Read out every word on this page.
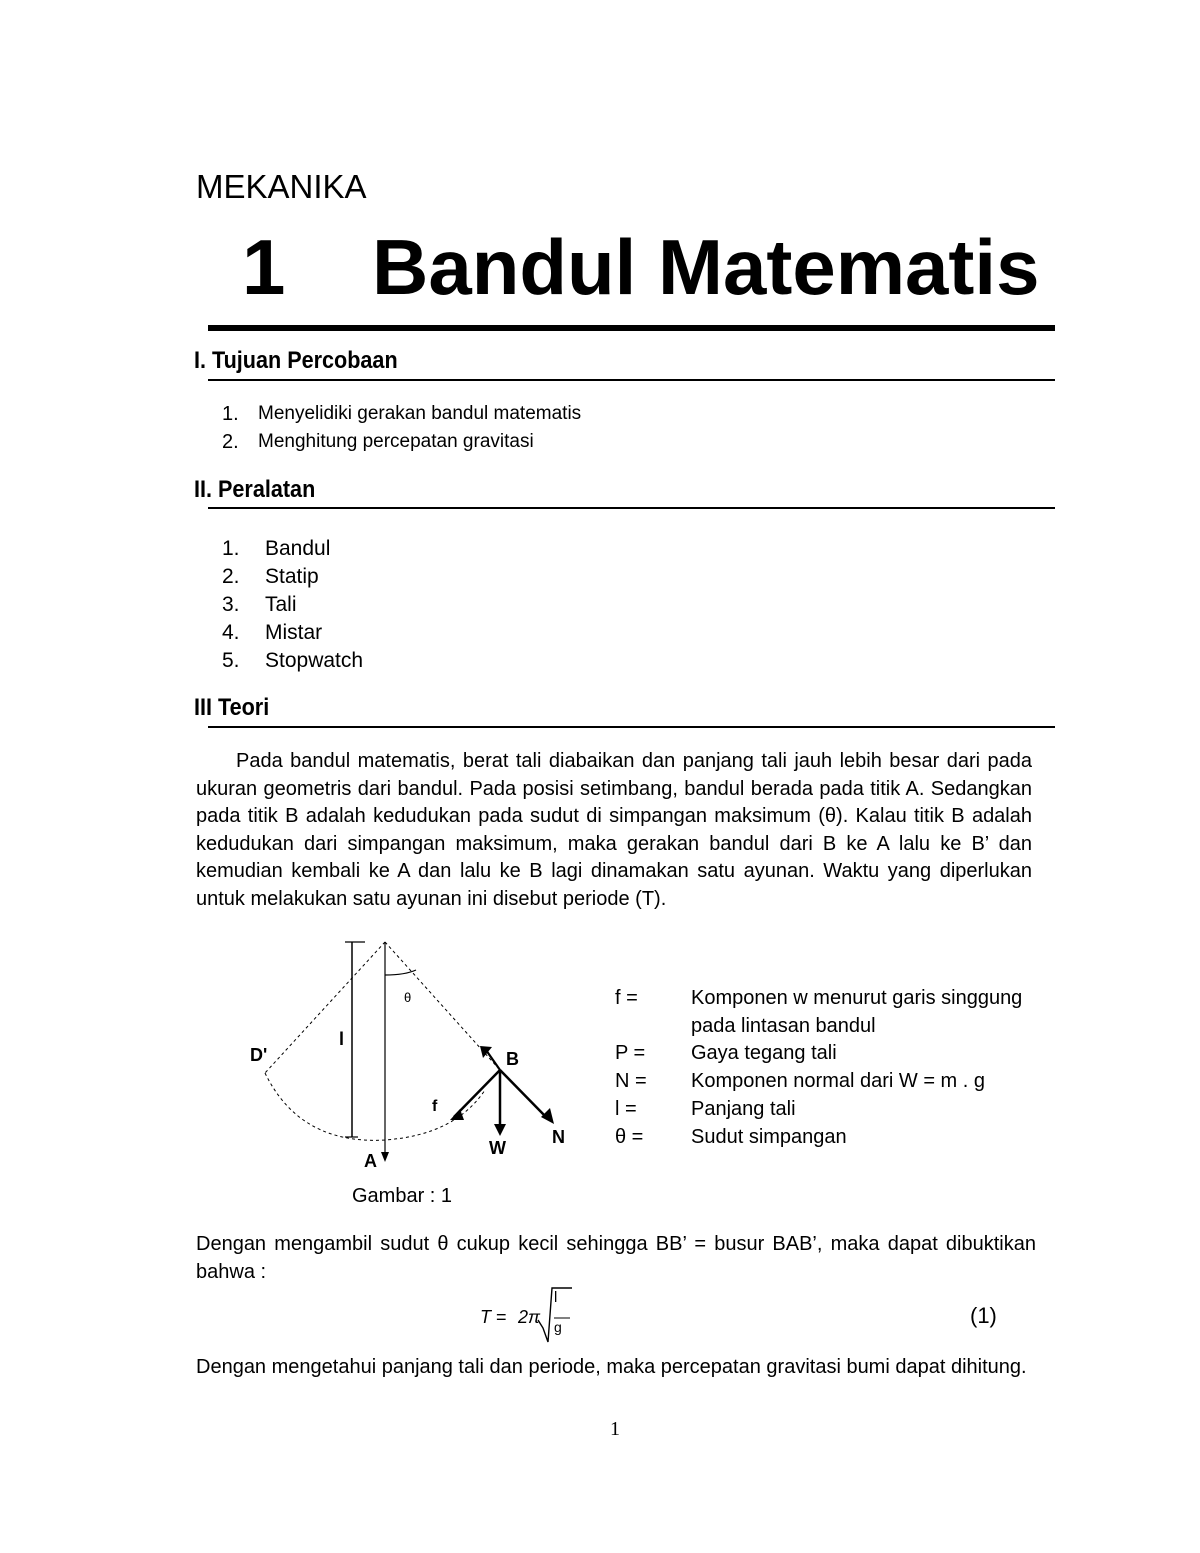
MEKANIKA
1 Bandul Matematis
I. Tujuan Percobaan
1.	Menyelidiki gerakan bandul matematis
2.	Menghitung percepatan gravitasi
II. Peralatan
1.	Bandul
2.	Statip
3.	Tali
4.	Mistar
5.	Stopwatch
III Teori

Pada bandul matematis, berat tali diabaikan dan panjang tali jauh lebih besar dari pada ukuran geometris dari bandul. Pada posisi setimbang, bandul berada pada titik A. Sedangkan pada titik B adalah kedudukan pada sudut di simpangan maksimum (θ). Kalau titik B adalah kedudukan dari simpangan maksimum, maka gerakan bandul dari B ke A lalu ke B’ dan kemudian kembali ke A dan lalu ke B lagi dinamakan satu ayunan. Waktu yang diperlukan untuk melakukan satu ayunan ini disebut periode (T).

θ
l
D'	B
f
W
N
A
f =	Komponen w menurut garis singgung pada lintasan bandul
P =	Gaya tegang tali
N =	Komponen normal dari W = m . g
l =	Panjang tali
θ =	Sudut simpangan
Gambar : 1

Dengan mengambil sudut θ cukup kecil sehingga BB’ = busur BAB’, maka dapat dibuktikan bahwa :

T = 2π
l
g	(1)
Dengan mengetahui panjang tali dan periode, maka percepatan gravitasi bumi dapat dihitung.
1
